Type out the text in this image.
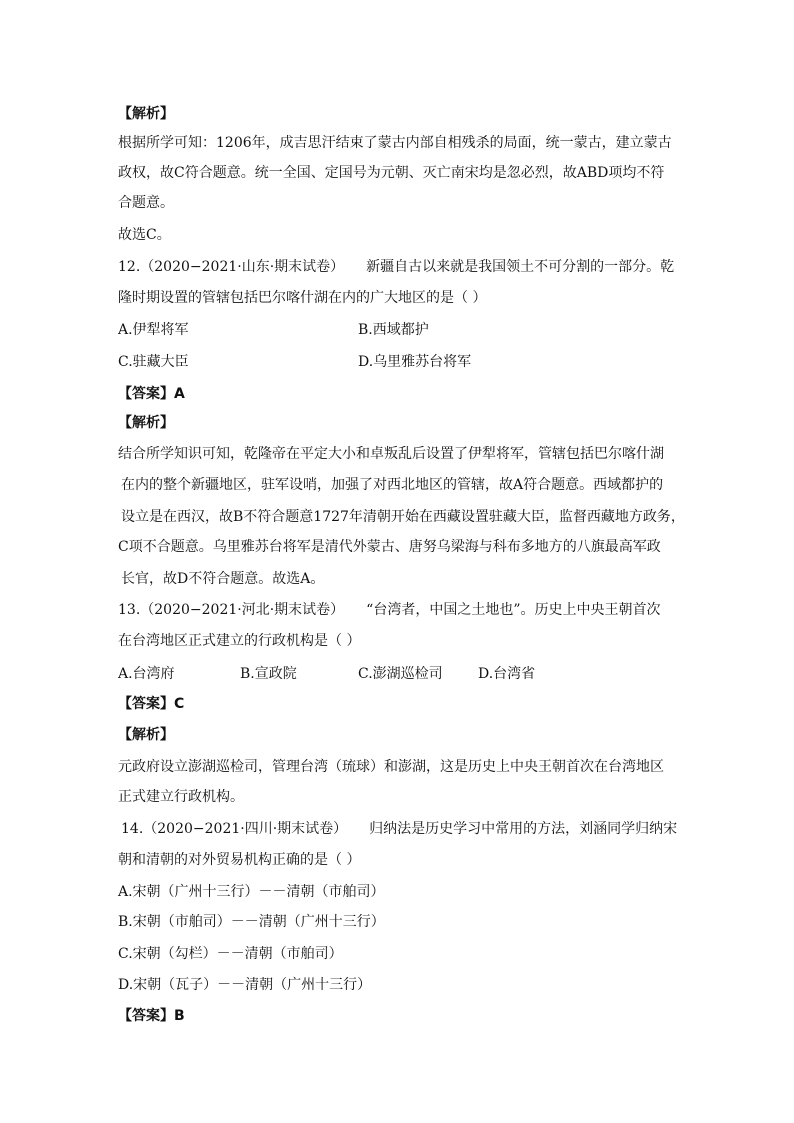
【解析】
根据所学可知：1206年，成吉思汗结束了蒙古内部自相残杀的局面，统一蒙古，建立蒙古
政权，故C符合题意。统一全国、定国号为元朝、灭亡南宋均是忽必烈，故ABD项均不符
合题意。
故选C。
12.（2020−2021·山东·期末试卷） 新疆自古以来就是我国领土不可分割的一部分。乾
隆时期设置的管辖包括巴尔喀什湖在内的广大地区的是（ ）
A.伊犁将军	B.西域都护
C.驻藏大臣	D.乌里雅苏台将军
【答案】A
【解析】
结合所学知识可知，乾隆帝在平定大小和卓叛乱后设置了伊犁将军，管辖包括巴尔喀什湖
在内的整个新疆地区，驻军设哨，加强了对西北地区的管辖，故A符合题意。西域都护的
设立是在西汉，故B不符合题意1727年清朝开始在西藏设置驻藏大臣，监督西藏地方政务，
C项不合题意。乌里雅苏台将军是清代外蒙古、唐努乌梁海与科布多地方的八旗最高军政
长官，故D不符合题意。故选A。
13.（2020−2021·河北·期末试卷） “台湾者，中国之土地也”。历史上中央王朝首次
在台湾地区正式建立的行政机构是（ ）
A.台湾府	B.宣政院	C.澎湖巡检司	D.台湾省
【答案】C
【解析】
元政府设立澎湖巡检司，管理台湾（琉球）和澎湖，这是历史上中央王朝首次在台湾地区
正式建立行政机构。
14.（2020−2021·四川·期末试卷） 归纳法是历史学习中常用的方法，刘涵同学归纳宋
朝和清朝的对外贸易机构正确的是（ ）
A.宋朝（广州十三行）－－清朝（市舶司）
B.宋朝（市舶司）－－清朝（广州十三行）
C.宋朝（勾栏）－－清朝（市舶司）
D.宋朝（瓦子）－－清朝（广州十三行）
【答案】B
